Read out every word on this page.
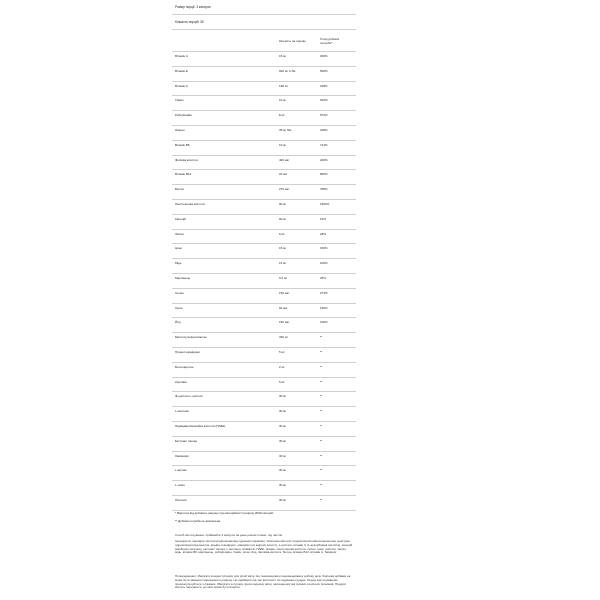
Розмір порції: 3 капсули
Кількість порцій: 30
Кількість на порцію	% від добової
потреби*
Вітамін А	15 мг	300%
Вітамін Е	600 мг α-ТЕ	500%
Вітамін С	198 мг	248%
Тіамін	10 мг	910%
Рибофлавін	8 мг	572%
Ніацин	35 мг NE	228%
Вітамін В6	10 мг	714%
Фолієва кислота	400 мкг	200%
Вітамін В12	20 мкг	800%
Біотин	270 мкг	780%
Пантотенова кислота	90 мг	1500%
Кальцій	60 мг	16%
Залізо	6 мг	28%
Цинк	15 мг	150%
Мідь	15 мг	100%
Марганець	0.5 мг	25%
Селен	150 мкг	273%
Хром	60 мкг	150%
Йод	150 мкг	100%
Метилсульфонілметан	330 мг	**
Проантоціанідини	5 мг	**
Бета каротин	2 мг	**
Кропива	5 мг	**
Ф-цистеїн L-цистеїн	30 мг	**
L-метіонін	30 мг	**
Параамінобензойна кислота (ПАБК)	30 мг	**
Екстракт хвоща	30 мг	**
Ламінарія	30 мг	**
L-аргінін	30 мг	**
L-лізин	30 мг	**
Лізолеїн	30 мг	**
* Відсоток від добового раціону при калорійності раціону 2000 калорій.
** Добова потреба не визначена.
Спосіб застосування: приймайте 3 капсули на день разом із їжею, під час їжі.
Інгредієнти: препарат метилсульфонілметану (двоокис кремнію), оболонка капсули (гідроксипропілметилцелюлоза, декстрин, гідроксипропілцелюлоза, альфа-токоферол, магнієві солі жирних кислот), L-цистеїн, вітамін С (L-аскорбінова кислота), кальцій (карбонат кальцію), екстракт хвоща, L-метіонін, вітамін Е, ПАБК, ніацин, пантотенова кислота, селен, цинк, цистеїн, залізо, мідь, вітамін В6, марганець, рибофлавін, тіамін, хром, йод, фолієва кислота, біотин, вітамін В12, вітамін А, барвник.
Попередження: зберігати в недоступному для дітей місці. Не перевищувати рекомендовану добову дозу. Харчова добавка не може бути заміною повноцінного раціону. Не приймати під час вагітності та годування груддю. Перед застосуванням проконсультуйтеся з лікарем. Зберігати в сухому прохолодному місці, захищеному від прямих сонячних променів. Продукт містить інгредієнти, до яких може бути алергія.
